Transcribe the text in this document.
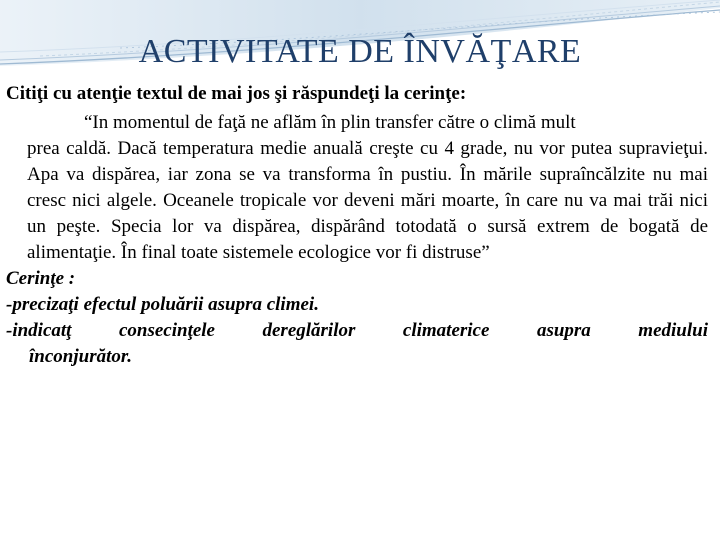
ACTIVITATE DE ÎNVĂŢARE

Citiţi cu atenţie textul de mai jos şi răspundeţi la cerinţe:

“In momentul de faţă ne aflăm în plin transfer către o climă mult
prea caldă. Dacă temperatura medie anuală creşte cu 4 grade, nu vor putea supravieţui. Apa va dispărea, iar zona se va transforma în pustiu. În mările supraîncălzite nu mai cresc nici algele. Oceanele tropicale vor deveni mări moarte, în care nu va mai trăi nici un peşte. Specia lor va dispărea, dispărând totodată o sursă extrem de bogată de alimentaţie. În final toate sistemele ecologice vor fi distruse”

Cerinţe :

-precizaţi efectul poluării asupra climei.

-indicatţ consecinţele dereglărilor climaterice asupra mediului
înconjurător.
